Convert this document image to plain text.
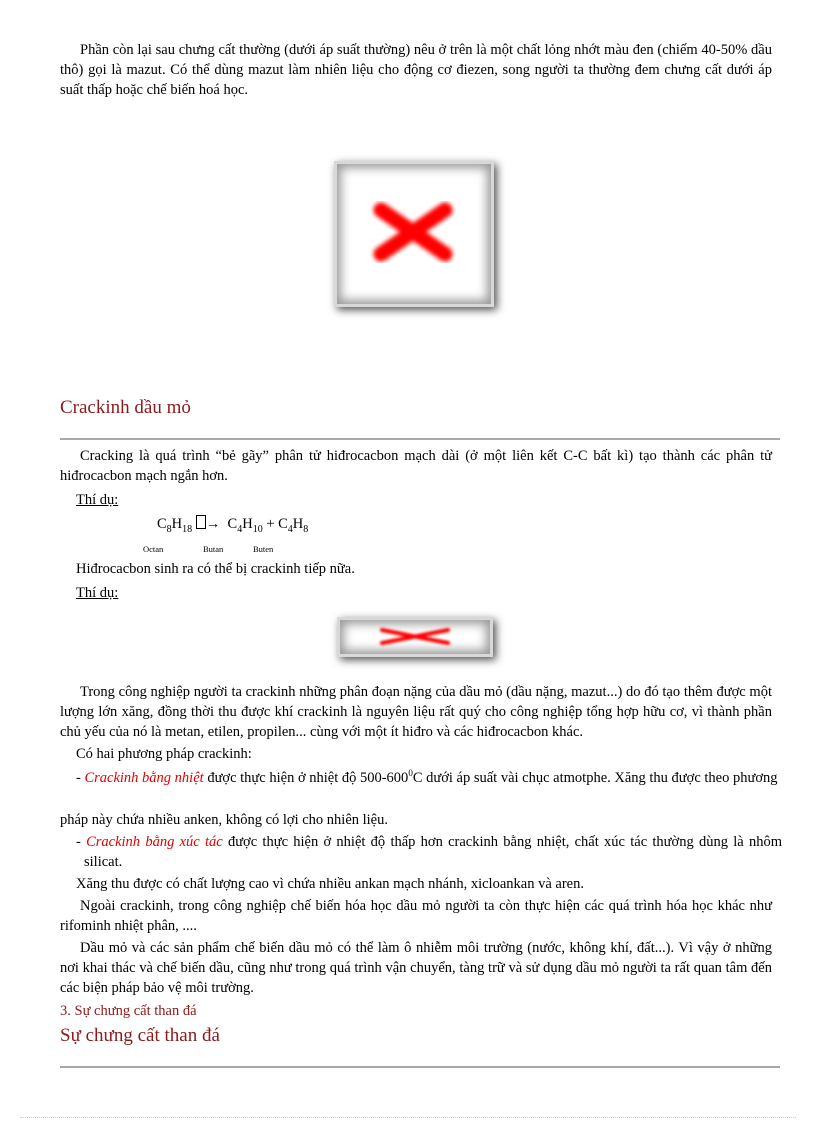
Phần còn lại sau chưng cất thường (dưới áp suất thường) nêu ở trên là một chất lỏng nhớt màu đen (chiếm 40-50% dầu thô) gọi là mazut. Có thể dùng mazut làm nhiên liệu cho động cơ điezen, song người ta thường đem chưng cất dưới áp suất thấp hoặc chế biến hoá học.
Crackinh dầu mỏ
Cracking là quá trình “bẻ gãy” phân tử hiđrocacbon mạch dài (ở một liên kết C-C bất kì) tạo thành các phân tử hiđrocacbon mạch ngắn hơn.
Thí dụ:
$C_8H_{18} \to C_4H_{10} + C_4H_8$
Octan	Butan	Buten
Hiđrocacbon sinh ra có thể bị crackinh tiếp nữa.
Thí dụ:
Trong công nghiệp người ta crackinh những phân đoạn nặng của dầu mỏ (dầu nặng, mazut...) do đó tạo thêm được một lượng lớn xăng, đồng thời thu được khí crackinh là nguyên liệu rất quý cho công nghiệp tổng hợp hữu cơ, vì thành phần chủ yếu của nó là metan, etilen, propilen... cùng với một ít hiđro và các hiđrocacbon khác.
Có hai phương pháp crackinh:
- Crackinh bằng nhiệt được thực hiện ở nhiệt độ $500-600^0C$ dưới áp suất vài chục atmotphe. Xăng thu được theo phương
pháp này chứa nhiều anken, không có lợi cho nhiên liệu.
- Crackinh bằng xúc tác được thực hiện ở nhiệt độ thấp hơn crackinh bằng nhiệt, chất xúc tác thường dùng là nhôm silicat.
Xăng thu được có chất lượng cao vì chứa nhiều ankan mạch nhánh, xicloankan và aren.
Ngoài crackinh, trong công nghiệp chế biến hóa học dầu mỏ người ta còn thực hiện các quá trình hóa học khác như rifominh nhiệt phân, ....
Dầu mỏ và các sản phẩm chế biến dầu mỏ có thể làm ô nhiễm môi trường (nước, không khí, đất...). Vì vậy ở những nơi khai thác và chế biến dầu, cũng như trong quá trình vận chuyển, tàng trữ và sử dụng dầu mỏ người ta rất quan tâm đến các biện pháp bảo vệ môi trường.
3. Sự chưng cất than đá
Sự chưng cất than đá
